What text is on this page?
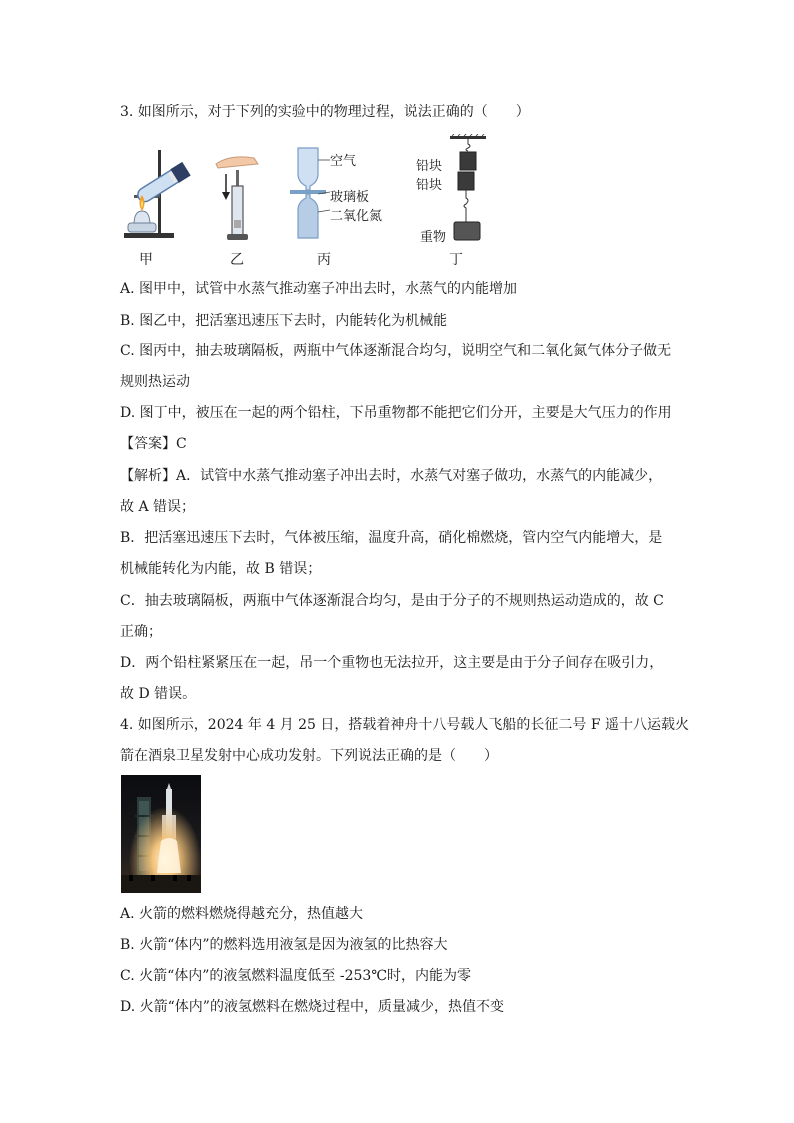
3. 如图所示，对于下列的实验中的物理过程，说法正确的（　　）
甲	乙
空气
玻璃板
二氧化氮
丙
铅块
铅块
重物
丁
A. 图甲中，试管中水蒸气推动塞子冲出去时，水蒸气的内能增加
B. 图乙中，把活塞迅速压下去时，内能转化为机械能
C. 图丙中，抽去玻璃隔板，两瓶中气体逐渐混合均匀，说明空气和二氧化氮气体分子做无
规则热运动
D. 图丁中，被压在一起的两个铅柱，下吊重物都不能把它们分开，主要是大气压力的作用
【答案】C
【解析】A．试管中水蒸气推动塞子冲出去时，水蒸气对塞子做功，水蒸气的内能减少，
故 A 错误；
B．把活塞迅速压下去时，气体被压缩，温度升高，硝化棉燃烧，管内空气内能增大，是
机械能转化为内能，故 B 错误；
C．抽去玻璃隔板，两瓶中气体逐渐混合均匀，是由于分子的不规则热运动造成的，故 C
正确；
D．两个铅柱紧紧压在一起，吊一个重物也无法拉开，这主要是由于分子间存在吸引力，
故 D 错误。
4. 如图所示，2024 年 4 月 25 日，搭载着神舟十八号载人飞船的长征二号 F 遥十八运载火
箭在酒泉卫星发射中心成功发射。下列说法正确的是（　　）
A. 火箭的燃料燃烧得越充分，热值越大
B. 火箭“体内”的燃料选用液氢是因为液氢的比热容大
C. 火箭“体内”的液氢燃料温度低至 -253℃时，内能为零
D. 火箭“体内”的液氢燃料在燃烧过程中，质量减少，热值不变
